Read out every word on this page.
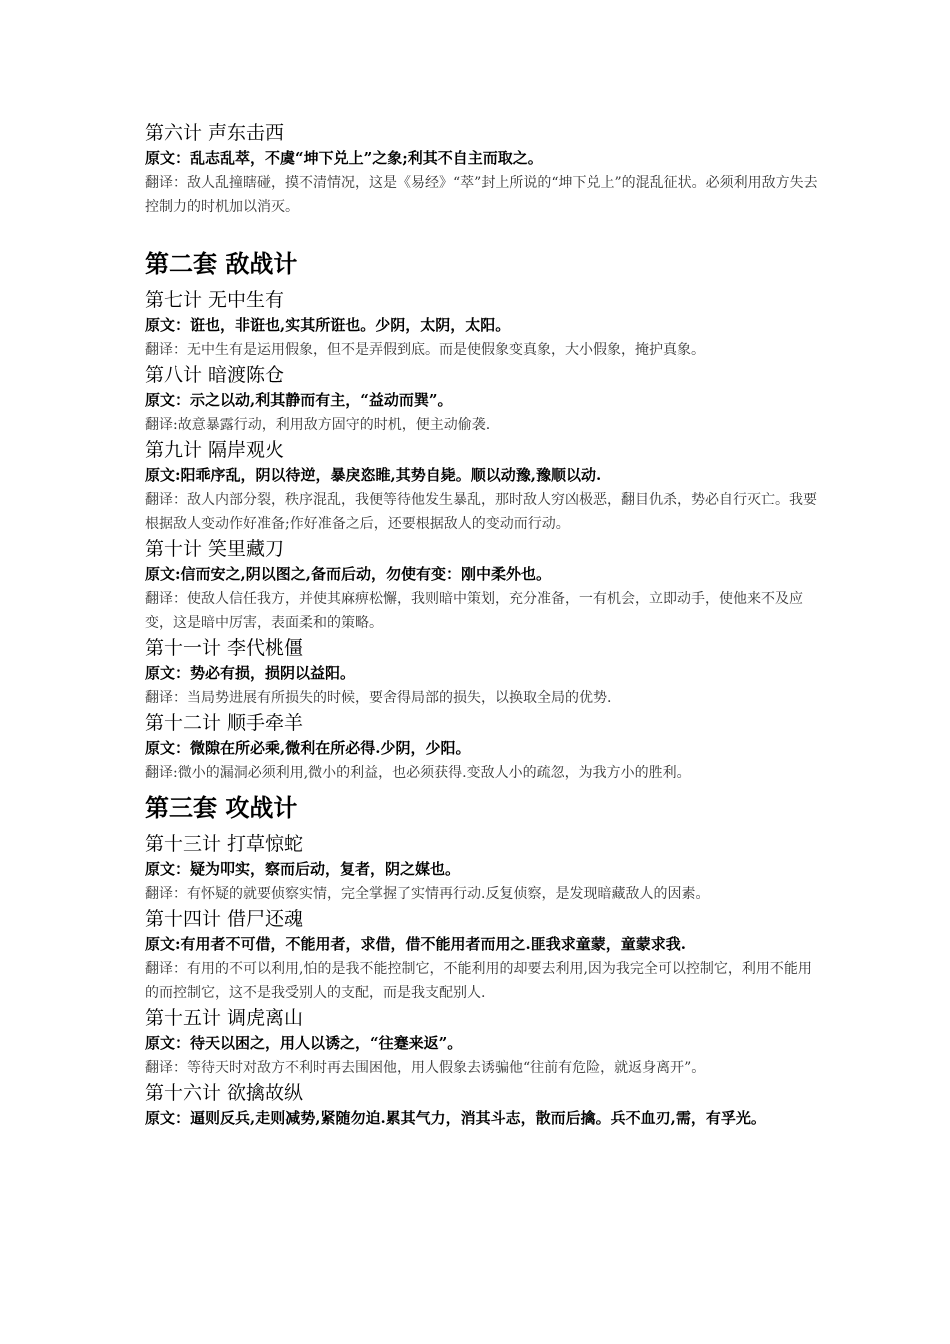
第六计 声东击西

原文：乱志乱萃，不虞“坤下兑上”之象;利其不自主而取之。

翻译：敌人乱撞瞎碰，摸不清情况，这是《易经》“萃”封上所说的“坤下兑上”的混乱征状。必须利用敌方失去控制力的时机加以消灭。

第二套 敌战计
第七计 无中生有

原文：诳也，非诳也,实其所诳也。少阴，太阴，太阳。

翻译：无中生有是运用假象，但不是弄假到底。而是使假象变真象，大小假象，掩护真象。

第八计 暗渡陈仓

原文：示之以动,利其静而有主，“益动而巽”。

翻译:故意暴露行动，利用敌方固守的时机，便主动偷袭.

第九计 隔岸观火

原文:阳乖序乱，阴以待逆，暴戾恣睢,其势自毙。顺以动豫,豫顺以动.

翻译：敌人内部分裂，秩序混乱，我便等待他发生暴乱，那时敌人穷凶极恶，翻目仇杀，势必自行灭亡。我要根据敌人变动作好准备;作好准备之后，还要根据敌人的变动而行动。

第十计 笑里藏刀

原文:信而安之,阴以图之,备而后动，勿使有变：刚中柔外也。

翻译：使敌人信任我方，并使其麻痹松懈，我则暗中策划，充分准备，一有机会，立即动手，使他来不及应变，这是暗中厉害，表面柔和的策略。

第十一计 李代桃僵

原文：势必有损，损阴以益阳。

翻译：当局势进展有所损失的时候，要舍得局部的损失，以换取全局的优势.

第十二计 顺手牵羊

原文：微隙在所必乘,微利在所必得.少阴，少阳。

翻译:微小的漏洞必须利用,微小的利益，也必须获得.变敌人小的疏忽，为我方小的胜利。

第三套 攻战计
第十三计 打草惊蛇

原文：疑为叩实，察而后动，复者，阴之媒也。

翻译：有怀疑的就要侦察实情，完全掌握了实情再行动.反复侦察，是发现暗藏敌人的因素。

第十四计 借尸还魂

原文:有用者不可借，不能用者，求借，借不能用者而用之.匪我求童蒙，童蒙求我.

翻译：有用的不可以利用,怕的是我不能控制它，不能利用的却要去利用,因为我完全可以控制它，利用不能用的而控制它，这不是我受别人的支配，而是我支配别人.

第十五计 调虎离山

原文：待天以困之，用人以诱之，“往蹇来返”。

翻译：等待天时对敌方不利时再去围困他，用人假象去诱骗他“往前有危险，就返身离开”。

第十六计 欲擒故纵

原文：逼则反兵,走则减势,紧随勿迫.累其气力，消其斗志，散而后擒。兵不血刃,需，有孚光。
